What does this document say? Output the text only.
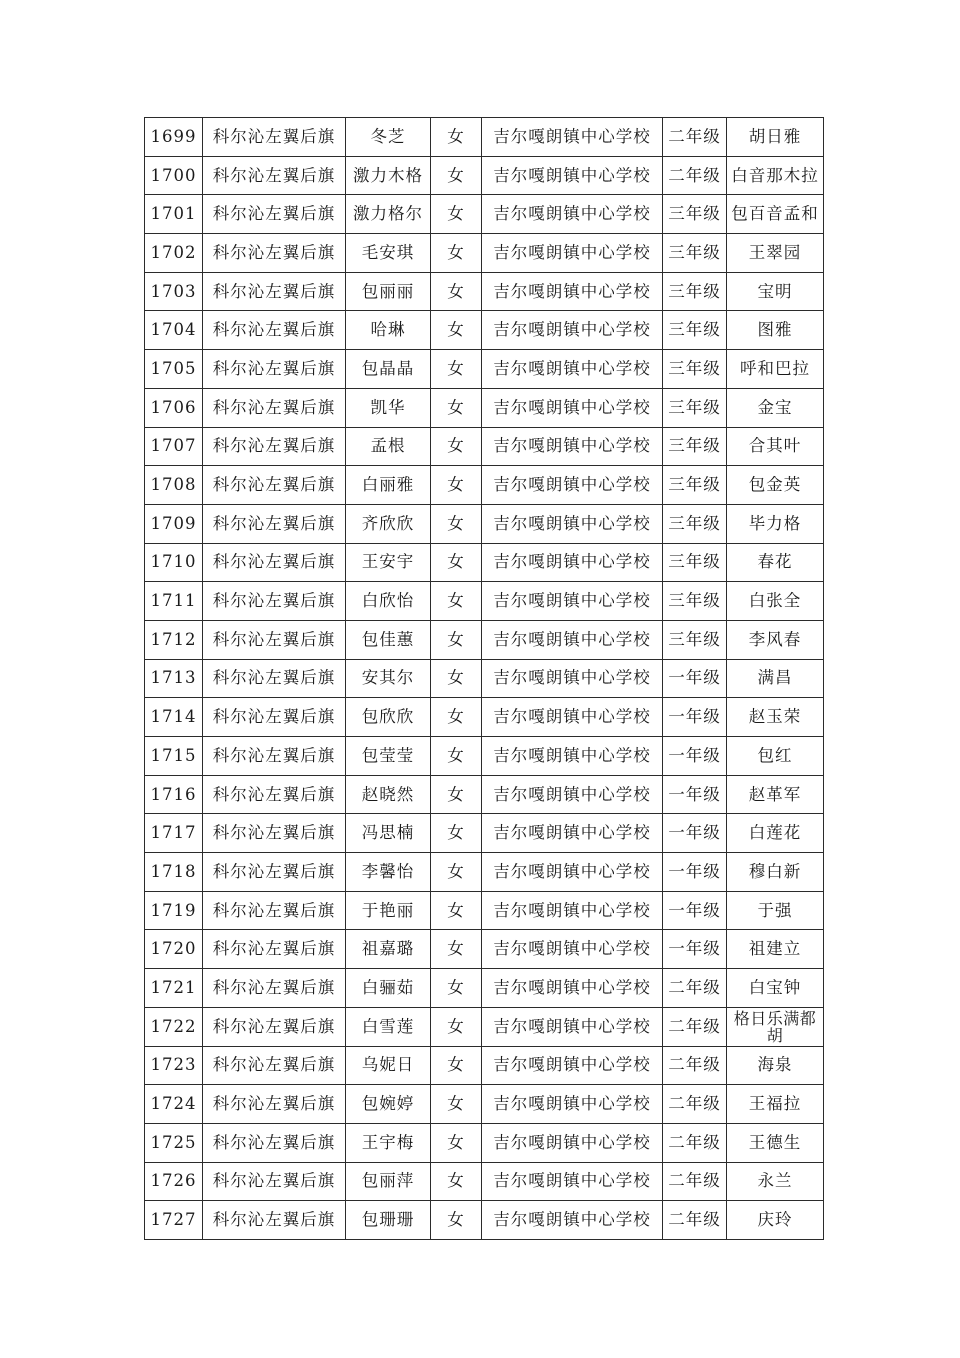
1699	科尔沁左翼后旗	冬芝	女	吉尔嘎朗镇中心学校	二年级	胡日雅
1700	科尔沁左翼后旗	激力木格	女	吉尔嘎朗镇中心学校	二年级	白音那木拉
1701	科尔沁左翼后旗	激力格尔	女	吉尔嘎朗镇中心学校	三年级	包百音孟和
1702	科尔沁左翼后旗	毛安琪	女	吉尔嘎朗镇中心学校	三年级	王翠园
1703	科尔沁左翼后旗	包丽丽	女	吉尔嘎朗镇中心学校	三年级	宝明
1704	科尔沁左翼后旗	哈琳	女	吉尔嘎朗镇中心学校	三年级	图雅
1705	科尔沁左翼后旗	包晶晶	女	吉尔嘎朗镇中心学校	三年级	呼和巴拉
1706	科尔沁左翼后旗	凯华	女	吉尔嘎朗镇中心学校	三年级	金宝
1707	科尔沁左翼后旗	孟根	女	吉尔嘎朗镇中心学校	三年级	合其叶
1708	科尔沁左翼后旗	白丽雅	女	吉尔嘎朗镇中心学校	三年级	包金英
1709	科尔沁左翼后旗	齐欣欣	女	吉尔嘎朗镇中心学校	三年级	毕力格
1710	科尔沁左翼后旗	王安宇	女	吉尔嘎朗镇中心学校	三年级	春花
1711	科尔沁左翼后旗	白欣怡	女	吉尔嘎朗镇中心学校	三年级	白张全
1712	科尔沁左翼后旗	包佳蕙	女	吉尔嘎朗镇中心学校	三年级	李风春
1713	科尔沁左翼后旗	安其尔	女	吉尔嘎朗镇中心学校	一年级	满昌
1714	科尔沁左翼后旗	包欣欣	女	吉尔嘎朗镇中心学校	一年级	赵玉荣
1715	科尔沁左翼后旗	包莹莹	女	吉尔嘎朗镇中心学校	一年级	包红
1716	科尔沁左翼后旗	赵晓然	女	吉尔嘎朗镇中心学校	一年级	赵革军
1717	科尔沁左翼后旗	冯思楠	女	吉尔嘎朗镇中心学校	一年级	白莲花
1718	科尔沁左翼后旗	李馨怡	女	吉尔嘎朗镇中心学校	一年级	穆白新
1719	科尔沁左翼后旗	于艳丽	女	吉尔嘎朗镇中心学校	一年级	于强
1720	科尔沁左翼后旗	祖嘉璐	女	吉尔嘎朗镇中心学校	一年级	祖建立
1721	科尔沁左翼后旗	白骊茹	女	吉尔嘎朗镇中心学校	二年级	白宝钟
1722	科尔沁左翼后旗	白雪莲	女	吉尔嘎朗镇中心学校	二年级	格日乐满都胡
1723	科尔沁左翼后旗	乌妮日	女	吉尔嘎朗镇中心学校	二年级	海泉
1724	科尔沁左翼后旗	包婉婷	女	吉尔嘎朗镇中心学校	二年级	王福拉
1725	科尔沁左翼后旗	王宇梅	女	吉尔嘎朗镇中心学校	二年级	王德生
1726	科尔沁左翼后旗	包丽萍	女	吉尔嘎朗镇中心学校	二年级	永兰
1727	科尔沁左翼后旗	包珊珊	女	吉尔嘎朗镇中心学校	二年级	庆玲
